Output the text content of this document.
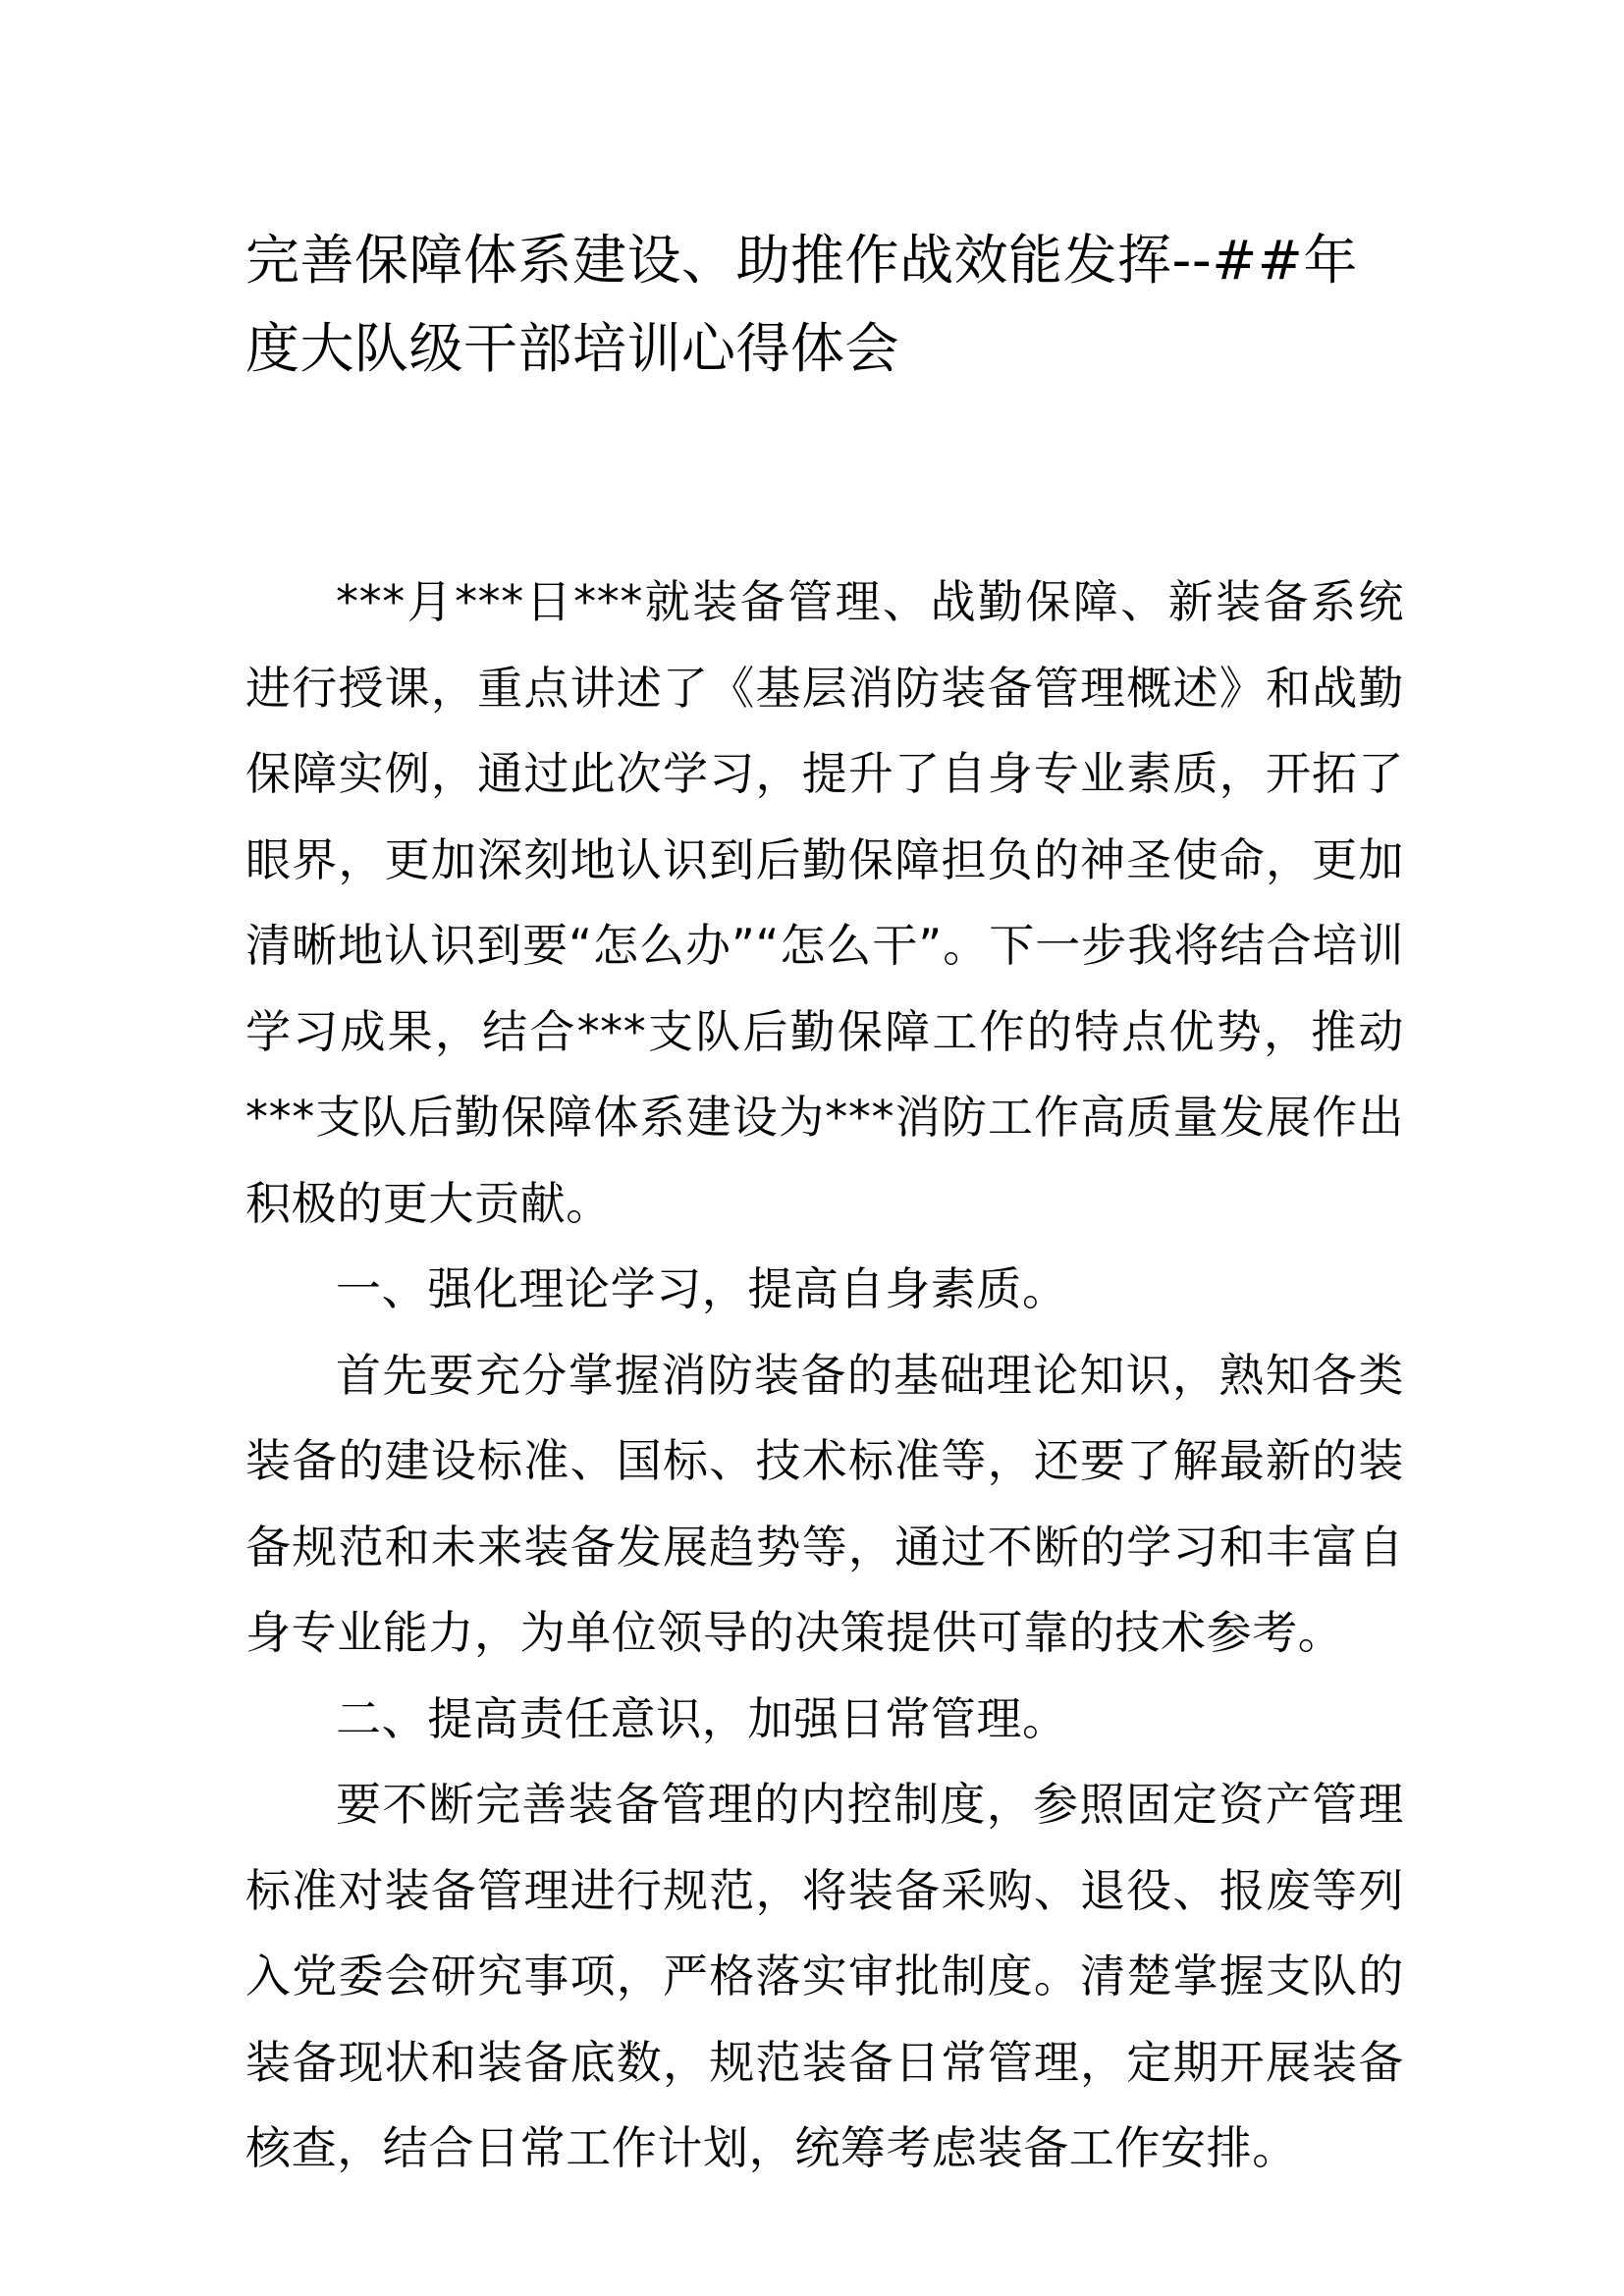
完善保障体系建设、助推作战效能发挥--##年度大队级干部培训心得体会

***月***日***就装备管理、战勤保障、新装备系统进行授课，重点讲述了《基层消防装备管理概述》和战勤保障实例，通过此次学习，提升了自身专业素质，开拓了眼界，更加深刻地认识到后勤保障担负的神圣使命，更加清晰地认识到要“怎么办”“怎么干”。下一步我将结合培训学习成果，结合***支队后勤保障工作的特点优势，推动***支队后勤保障体系建设为***消防工作高质量发展作出积极的更大贡献。

一、强化理论学习，提高自身素质。

首先要充分掌握消防装备的基础理论知识，熟知各类装备的建设标准、国标、技术标准等，还要了解最新的装备规范和未来装备发展趋势等，通过不断的学习和丰富自身专业能力，为单位领导的决策提供可靠的技术参考。

二、提高责任意识，加强日常管理。

要不断完善装备管理的内控制度，参照固定资产管理标准对装备管理进行规范，将装备采购、退役、报废等列入党委会研究事项，严格落实审批制度。清楚掌握支队的装备现状和装备底数，规范装备日常管理，定期开展装备核查，结合日常工作计划，统筹考虑装备工作安排。
